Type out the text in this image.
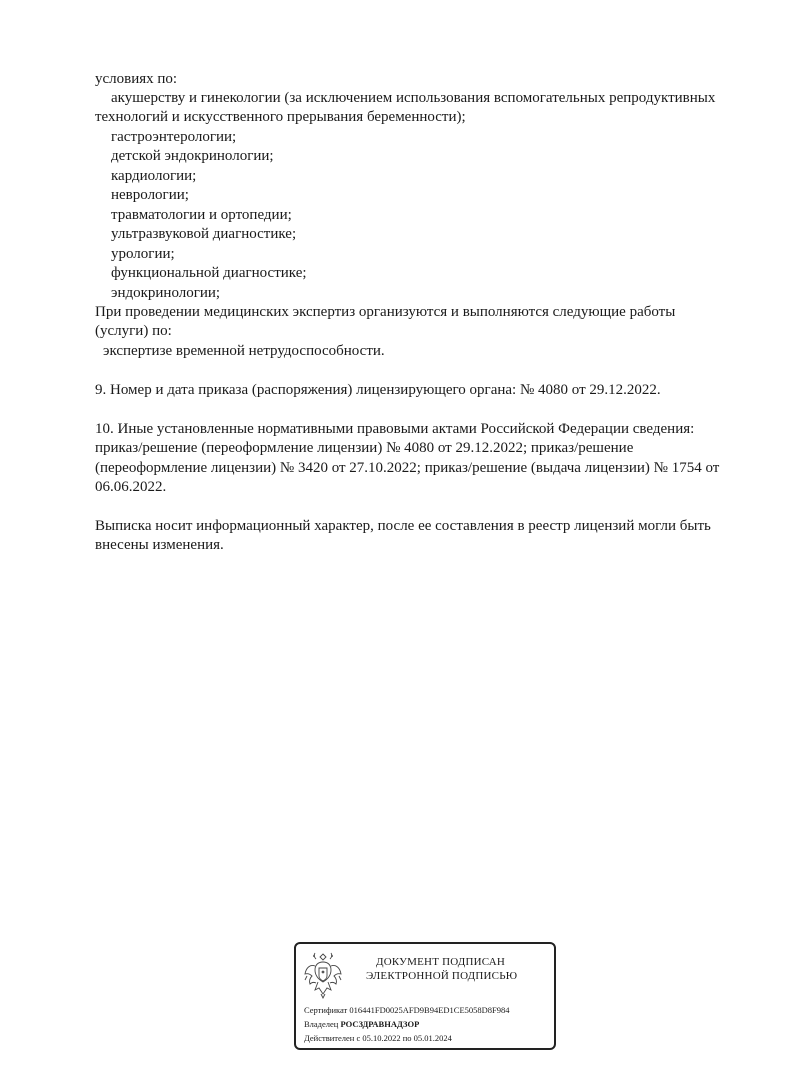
условиях по:
акушерству и гинекологии (за исключением использования вспомогательных репродуктивных
технологий и искусственного прерывания беременности);
гастроэнтерологии;
детской эндокринологии;
кардиологии;
неврологии;
травматологии и ортопедии;
ультразвуковой диагностике;
урологии;
функциональной диагностике;
эндокринологии;
При проведении медицинских экспертиз организуются и выполняются следующие работы
(услуги) по:
экспертизе временной нетрудоспособности.
9. Номер и дата приказа (распоряжения) лицензирующего органа: № 4080 от 29.12.2022.
10. Иные установленные нормативными правовыми актами Российской Федерации сведения:
приказ/решение (переоформление лицензии) № 4080 от 29.12.2022; приказ/решение
(переоформление лицензии) № 3420 от 27.10.2022; приказ/решение (выдача лицензии) № 1754 от
06.06.2022.
Выписка носит информационный характер, после ее составления в реестр лицензий могли быть
внесены изменения.
ДОКУМЕНТ ПОДПИСАН
ЭЛЕКТРОННОЙ ПОДПИСЬЮ
Сертификат 016441FD0025AFD9B94ED1CE5058D8F984
Владелец РОСЗДРАВНАДЗОР
Действителен с 05.10.2022 по 05.01.2024
